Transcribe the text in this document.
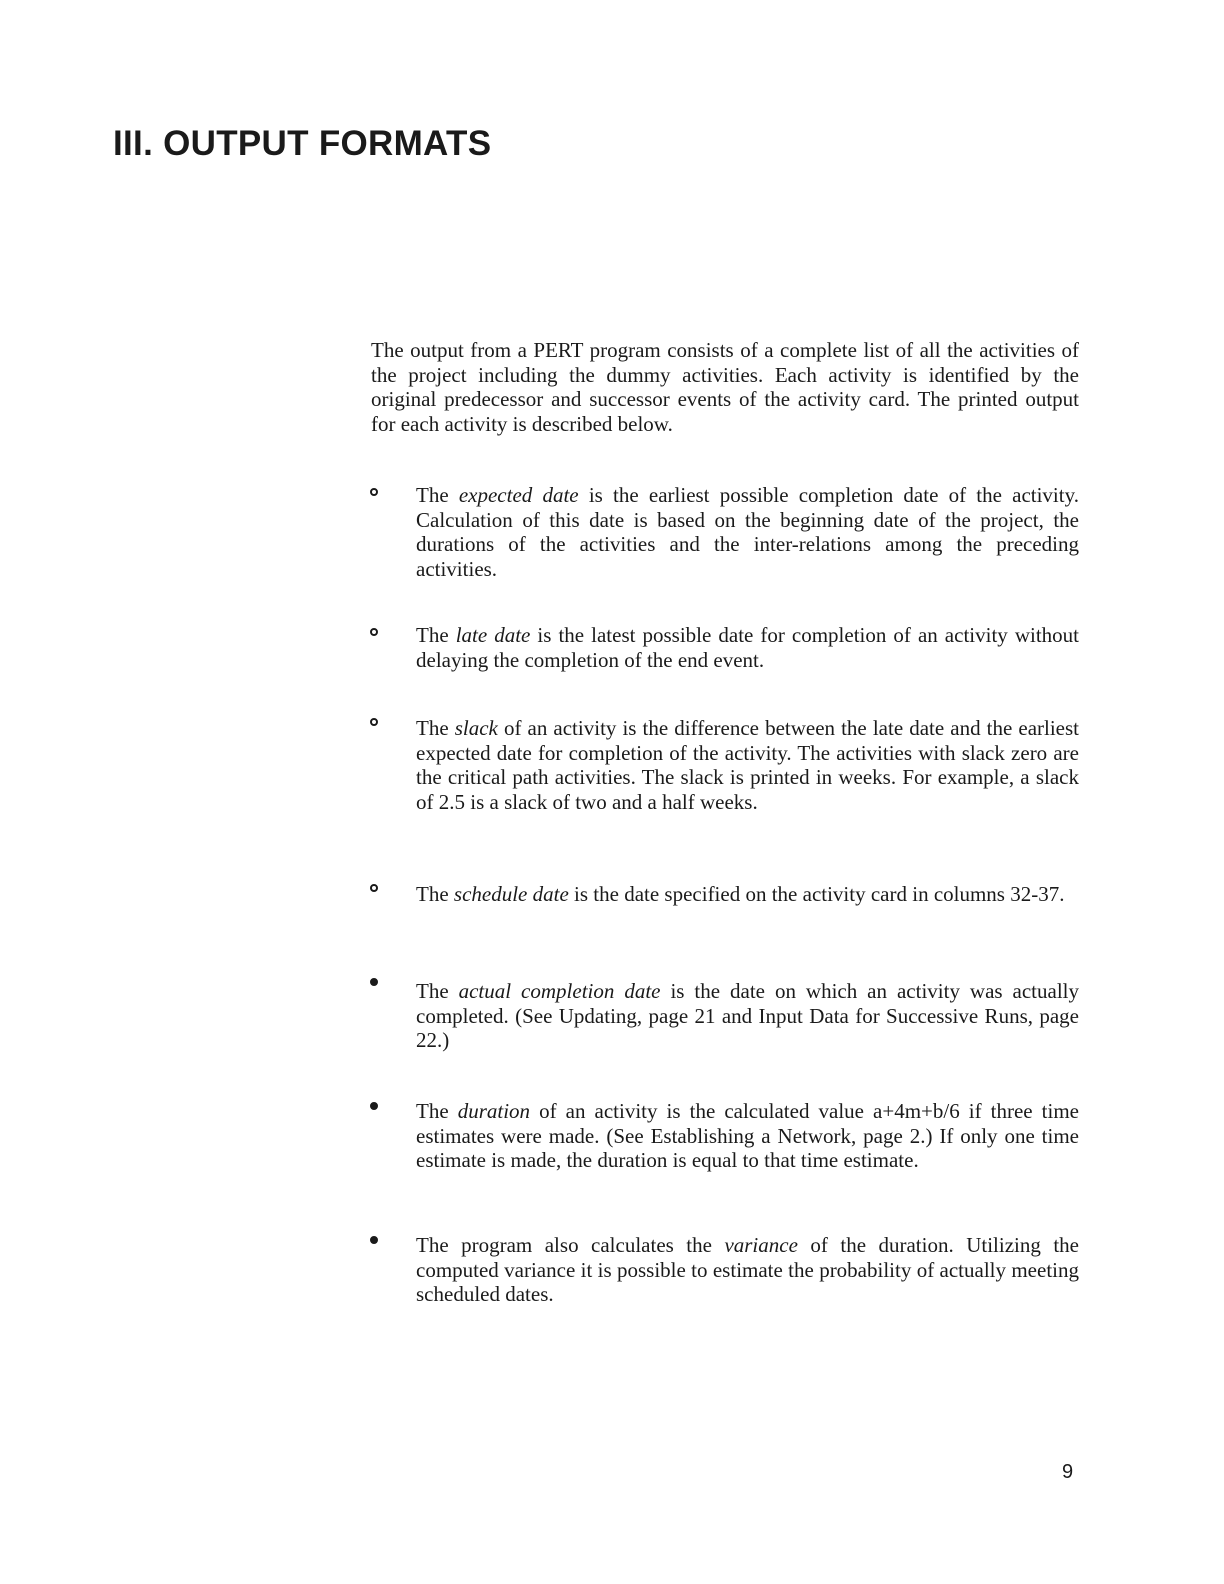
III. OUTPUT FORMATS

The output from a PERT program consists of a complete list of all the activities of the project including the dummy activities. Each activity is identified by the original predecessor and successor events of the activity card. The printed output for each activity is described below.

The expected date is the earliest possible completion date of the activity. Calculation of this date is based on the beginning date of the project, the durations of the activities and the inter-relations among the preceding activities.

The late date is the latest possible date for completion of an activity without delaying the completion of the end event.

The slack of an activity is the difference between the late date and the earliest expected date for completion of the activity. The activities with slack zero are the critical path activities. The slack is printed in weeks. For example, a slack of 2.5 is a slack of two and a half weeks.

The schedule date is the date specified on the activity card in columns 32-37.

The actual completion date is the date on which an activity was actually completed. (See Updating, page 21 and Input Data for Successive Runs, page 22.)

The duration of an activity is the calculated value a+4m+b/6 if three time estimates were made. (See Establishing a Network, page 2.) If only one time estimate is made, the duration is equal to that time estimate.

The program also calculates the variance of the duration. Utilizing the computed variance it is possible to estimate the probability of actually meeting scheduled dates.

9
